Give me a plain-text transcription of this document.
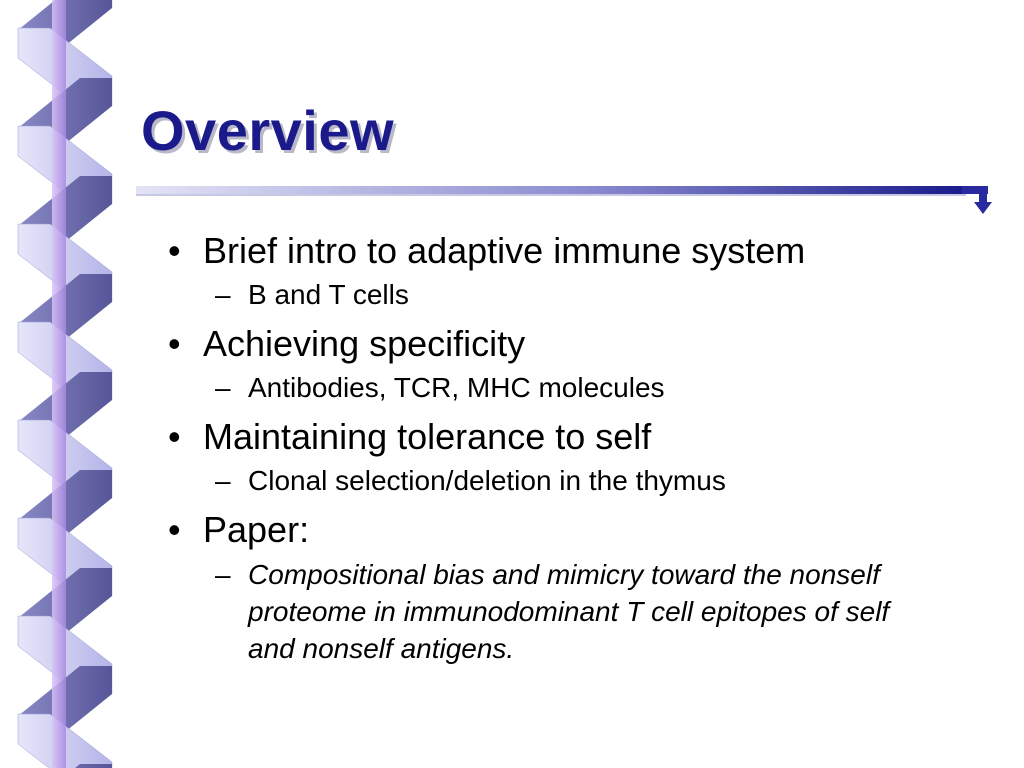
Overview
• Brief intro to adaptive immune system
– B and T cells
• Achieving specificity
– Antibodies, TCR, MHC molecules
• Maintaining tolerance to self
– Clonal selection/deletion in the thymus
• Paper:
– Compositional bias and mimicry toward the nonself proteome in immunodominant T cell epitopes of self and nonself antigens.
